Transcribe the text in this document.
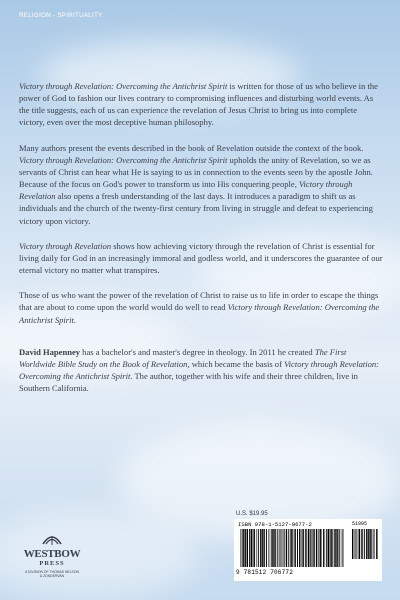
RELIGION - SPIRITUALITY

Victory through Revelation: Overcoming the Antichrist Spirit is written for those of us who believe in the power of God to fashion our lives contrary to compromising influences and disturbing world events. As the title suggests, each of us can experience the revelation of Jesus Christ to bring us into complete victory, even over the most deceptive human philosophy.

Many authors present the events described in the book of Revelation outside the context of the book. Victory through Revelation: Overcoming the Antichrist Spirit upholds the unity of Revelation, so we as servants of Christ can hear what He is saying to us in connection to the events seen by the apostle John. Because of the focus on God's power to transform us into His conquering people, Victory through Revelation also opens a fresh understanding of the last days. It introduces a paradigm to shift us as individuals and the church of the twenty-first century from living in struggle and defeat to experiencing victory upon victory.

Victory through Revelation shows how achieving victory through the revelation of Christ is essential for living daily for God in an increasingly immoral and godless world, and it underscores the guarantee of our eternal victory no matter what transpires.

Those of us who want the power of the revelation of Christ to raise us to life in order to escape the things that are about to come upon the world would do well to read Victory through Revelation: Overcoming the Antichrist Spirit.

David Hapenney has a bachelor's and master's degree in theology. In 2011 he created The First Worldwide Bible Study on the Book of Revelation, which became the basis of Victory through Revelation: Overcoming the Antichrist Spirit. The author, together with his wife and their three children, live in Southern California.

U.S. $19.95
ISBN 978-1-5127-0677-2	51995
9 781512 706772
WESTBOW
PRESS
A DIVISION OF THOMAS NELSON
& ZONDERVAN
